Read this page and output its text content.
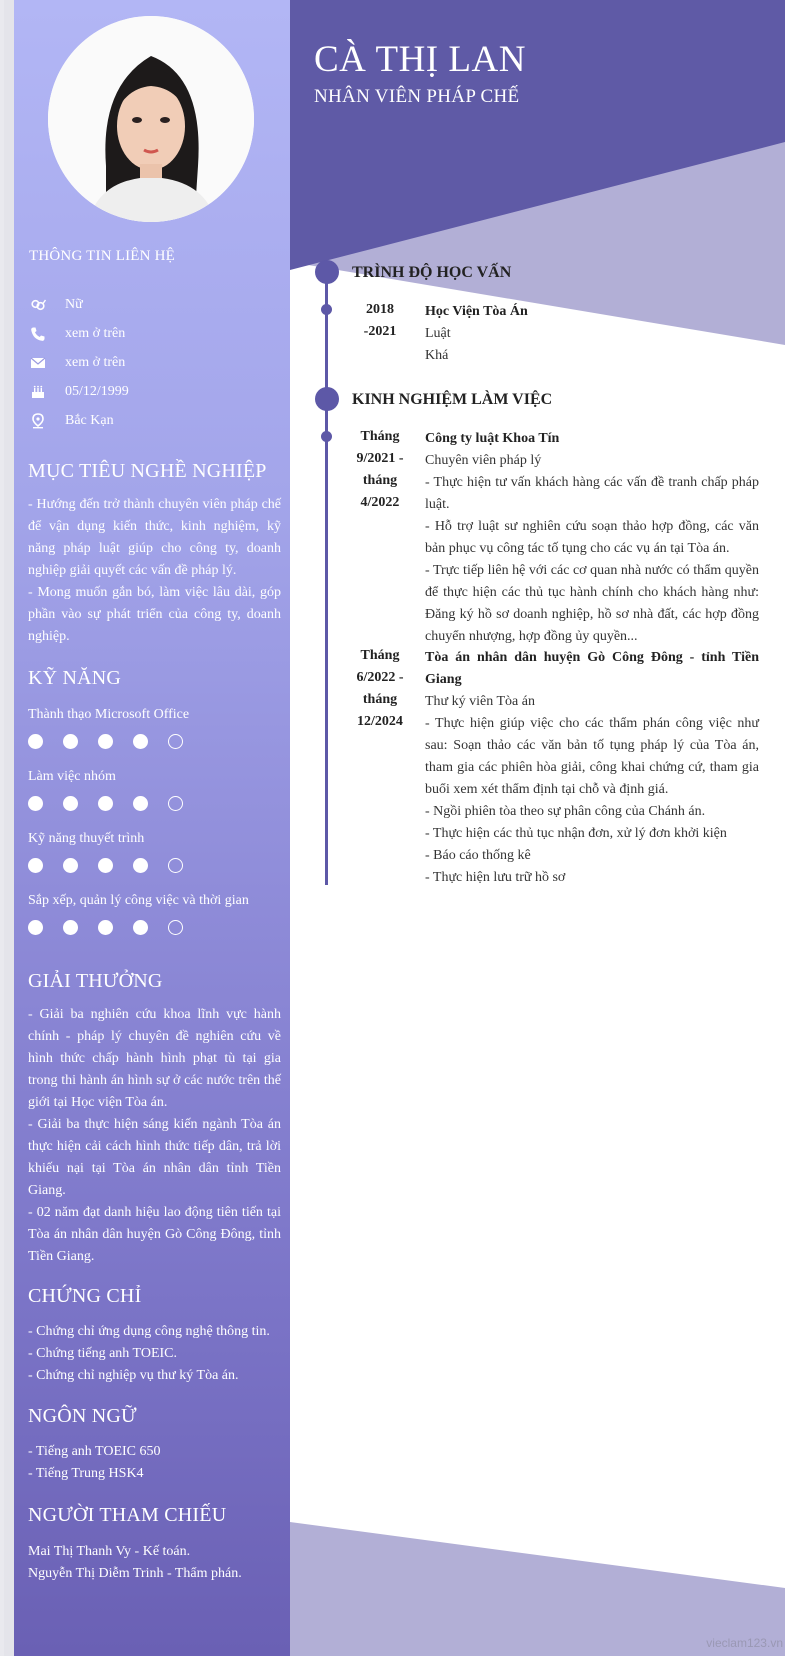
THÔNG TIN LIÊN HỆ
Nữ
xem ở trên
xem ở trên
05/12/1999
Bắc Kạn
MỤC TIÊU NGHỀ NGHIỆP

- Hướng đến trở thành chuyên viên pháp chế để vận dụng kiến thức, kinh nghiệm, kỹ năng pháp luật giúp cho công ty, doanh nghiệp giải quyết các vấn đề pháp lý.

- Mong muốn gắn bó, làm việc lâu dài, góp phần vào sự phát triển của công ty, doanh nghiệp.

KỸ NĂNG
Thành thạo Microsoft Office
Làm việc nhóm
Kỹ năng thuyết trình
Sắp xếp, quản lý công việc và thời gian
GIẢI THƯỞNG

- Giải ba nghiên cứu khoa lĩnh vực hành chính - pháp lý chuyên đề nghiên cứu về hình thức chấp hành hình phạt tù tại gia trong thi hành án hình sự ở các nước trên thế giới tại Học viện Tòa án.

- Giải ba thực hiện sáng kiến ngành Tòa án thực hiện cải cách hình thức tiếp dân, trả lời khiếu nại tại Tòa án nhân dân tỉnh Tiền Giang.

- 02 năm đạt danh hiệu lao động tiên tiến tại Tòa án nhân dân huyện Gò Công Đông, tỉnh Tiền Giang.

CHỨNG CHỈ
- Chứng chỉ ứng dụng công nghệ thông tin.
- Chứng tiếng anh TOEIC.
- Chứng chỉ nghiệp vụ thư ký Tòa án.
NGÔN NGỮ
- Tiếng anh TOEIC 650
- Tiếng Trung HSK4
NGƯỜI THAM CHIẾU
Mai Thị Thanh Vy - Kế toán.
Nguyễn Thị Diễm Trinh - Thẩm phán.
CÀ THỊ LAN
NHÂN VIÊN PHÁP CHẾ
TRÌNH ĐỘ HỌC VẤN
2018
-2021
Học Viện Tòa Án
Luật
Khá
KINH NGHIỆM LÀM VIỆC
Tháng
9/2021 -
tháng
4/2022
Công ty luật Khoa Tín
Chuyên viên pháp lý
- Thực hiện tư vấn khách hàng các vấn đề tranh chấp pháp luật.
- Hỗ trợ luật sư nghiên cứu soạn thảo hợp đồng, các văn bản phục vụ công tác tố tụng cho các vụ án tại Tòa án.
- Trực tiếp liên hệ với các cơ quan nhà nước có thẩm quyền để thực hiện các thủ tục hành chính cho khách hàng như: Đăng ký hồ sơ doanh nghiệp, hồ sơ nhà đất, các hợp đồng chuyển nhượng, hợp đồng ủy quyền...
Tháng
6/2022 -
tháng
12/2024
Tòa án nhân dân huyện Gò Công Đông - tỉnh Tiền Giang
Thư ký viên Tòa án
- Thực hiện giúp việc cho các thẩm phán công việc như sau: Soạn thảo các văn bản tố tụng pháp lý của Tòa án, tham gia các phiên hòa giải, công khai chứng cứ, tham gia buổi xem xét thẩm định tại chỗ và định giá.
- Ngồi phiên tòa theo sự phân công của Chánh án.
- Thực hiện các thủ tục nhận đơn, xử lý đơn khởi kiện
- Báo cáo thống kê
- Thực hiện lưu trữ hồ sơ
vieclam123.vn
